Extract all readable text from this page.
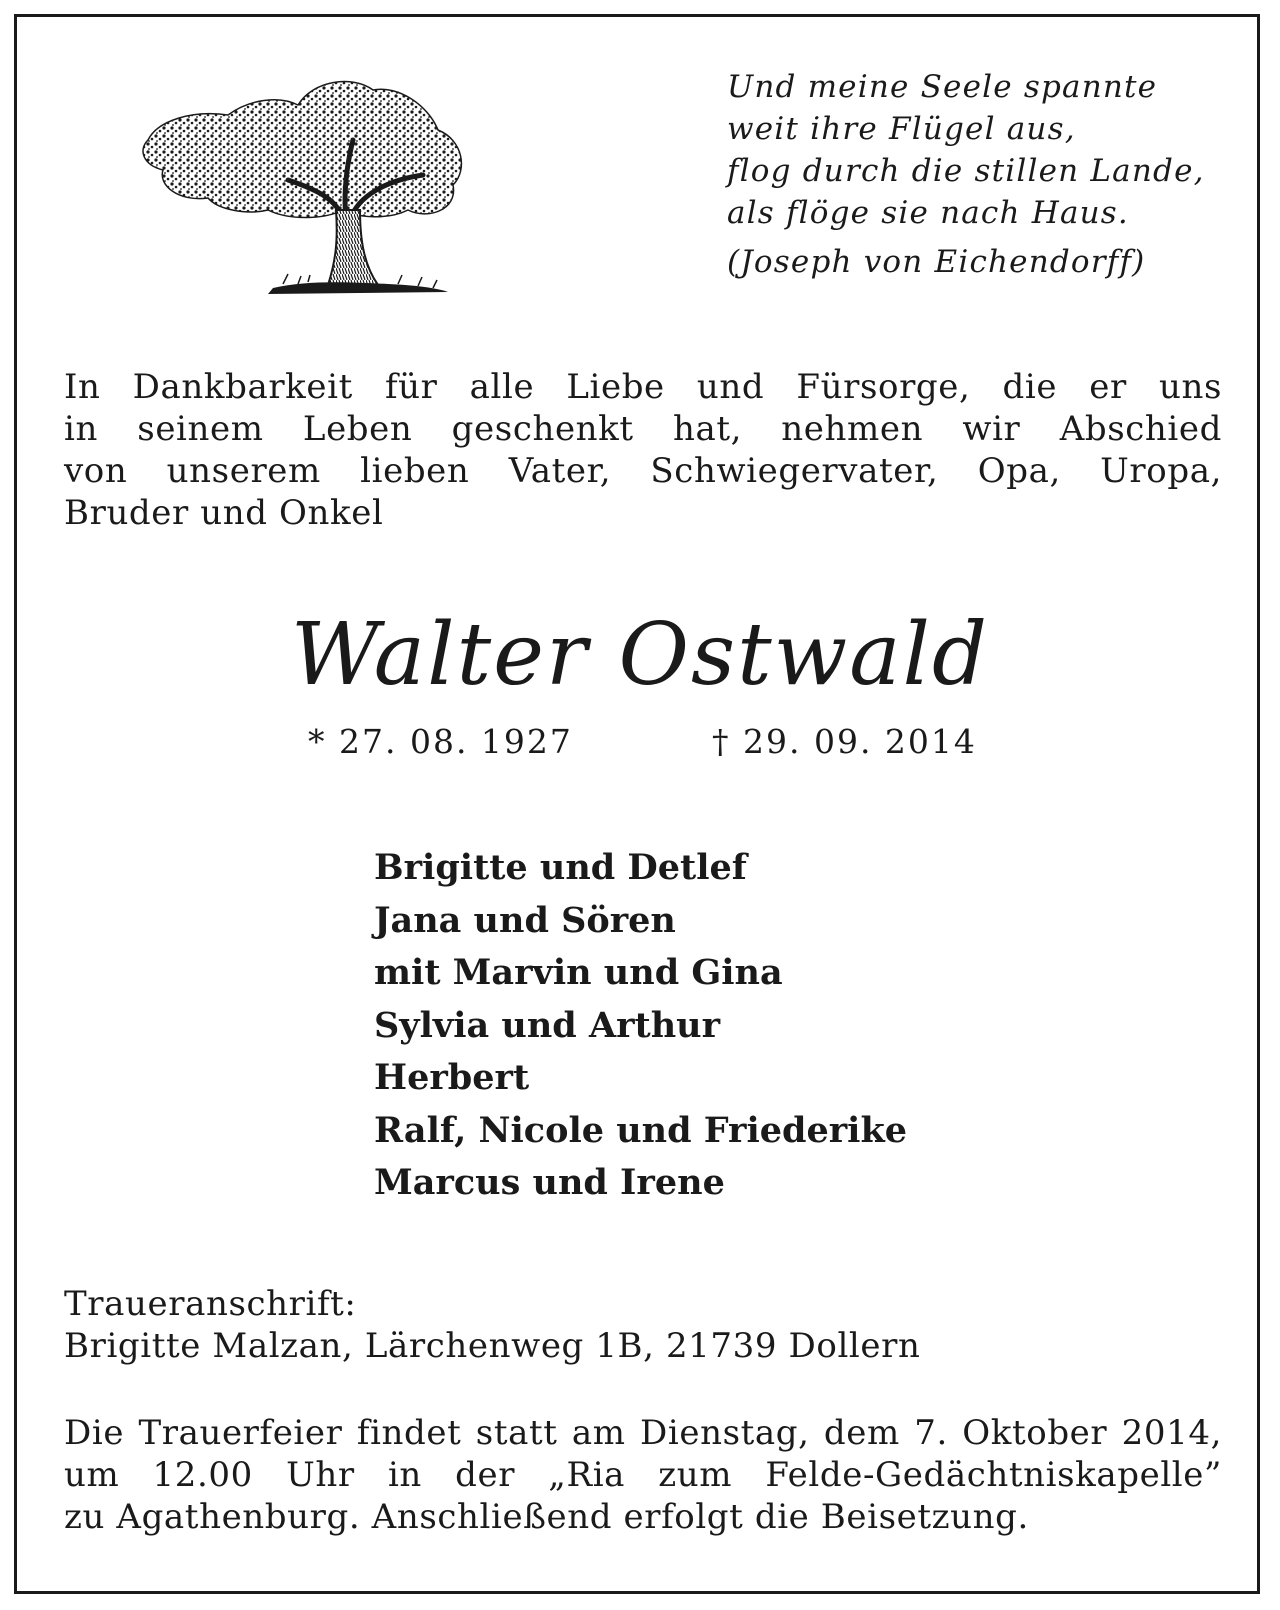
Und meine Seele spannte
weit ihre Flügel aus,
flog durch die stillen Lande,
als flöge sie nach Haus.
(Joseph von Eichendorff)
In Dankbarkeit für alle Liebe und Fürsorge, die er uns
in seinem Leben geschenkt hat, nehmen wir Abschied
von unserem lieben Vater, Schwiegervater, Opa, Uropa,
Bruder und Onkel
Walter Ostwald
* 27. 08. 1927	† 29. 09. 2014
Brigitte und Detlef
Jana und Sören
mit Marvin und Gina
Sylvia und Arthur
Herbert
Ralf, Nicole und Friederike
Marcus und Irene
Traueranschrift:
Brigitte Malzan, Lärchenweg 1B, 21739 Dollern
Die Trauerfeier findet statt am Dienstag, dem 7. Oktober 2014,
um 12.00 Uhr in der „Ria zum Felde-Gedächtniskapelle”
zu Agathenburg. Anschließend erfolgt die Beisetzung.
